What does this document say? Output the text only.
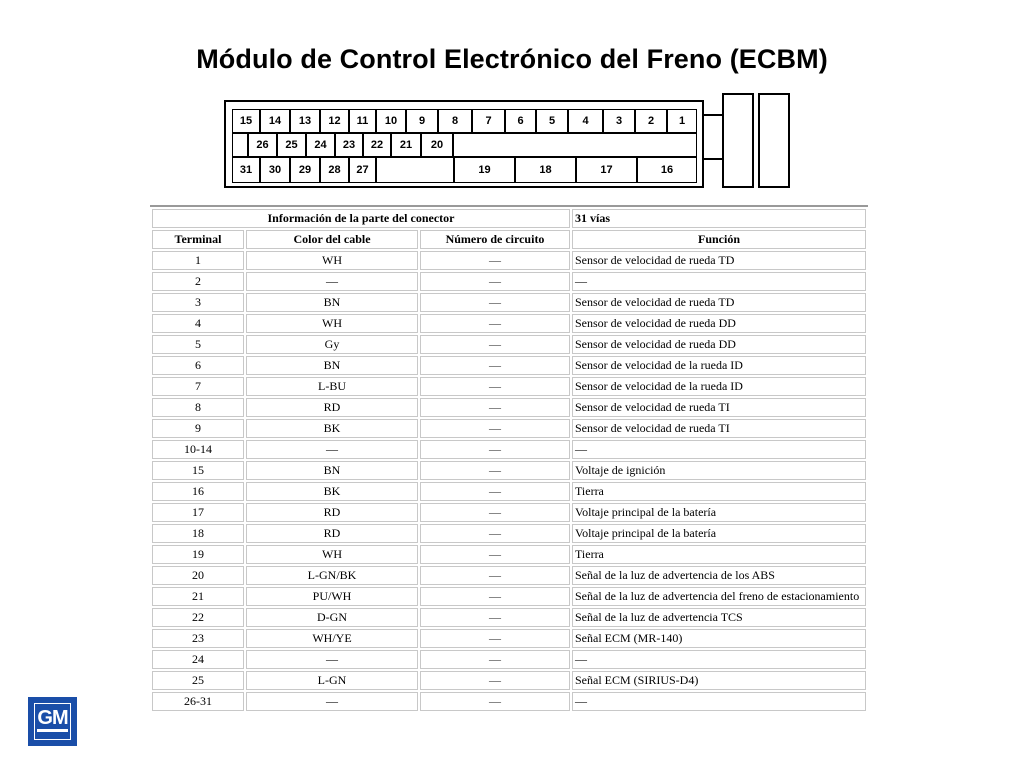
Módulo de Control Electrónico del Freno (ECBM)
15	14	13	12	11	10	9	8	7	6	5	4	3	2	1
26	25	24	23	22	21	20
31	30	29	28	27	19	18	17	16
Información de la parte del conector			31 vías
Terminal	Color del cable	Número de circuito	Función
1	WH	—	Sensor de velocidad de rueda TD
2	—	—	—
3	BN	—	Sensor de velocidad de rueda TD
4	WH	—	Sensor de velocidad de rueda DD
5	Gy	—	Sensor de velocidad de rueda DD
6	BN	—	Sensor de velocidad de la rueda ID
7	L-BU	—	Sensor de velocidad de la rueda ID
8	RD	—	Sensor de velocidad de rueda TI
9	BK	—	Sensor de velocidad de rueda TI
10-14	—	—	—
15	BN	—	Voltaje de ignición
16	BK	—	Tierra
17	RD	—	Voltaje principal de la batería
18	RD	—	Voltaje principal de la batería
19	WH	—	Tierra
20	L-GN/BK	—	Señal de la luz de advertencia de los ABS
21	PU/WH	—	Señal de la luz de advertencia del freno de estacionamiento
22	D-GN	—	Señal de la luz de advertencia TCS
23	WH/YE	—	Señal ECM (MR-140)
24	—	—	—
25	L-GN	—	Señal ECM (SIRIUS-D4)
26-31	—	—	—
GM
